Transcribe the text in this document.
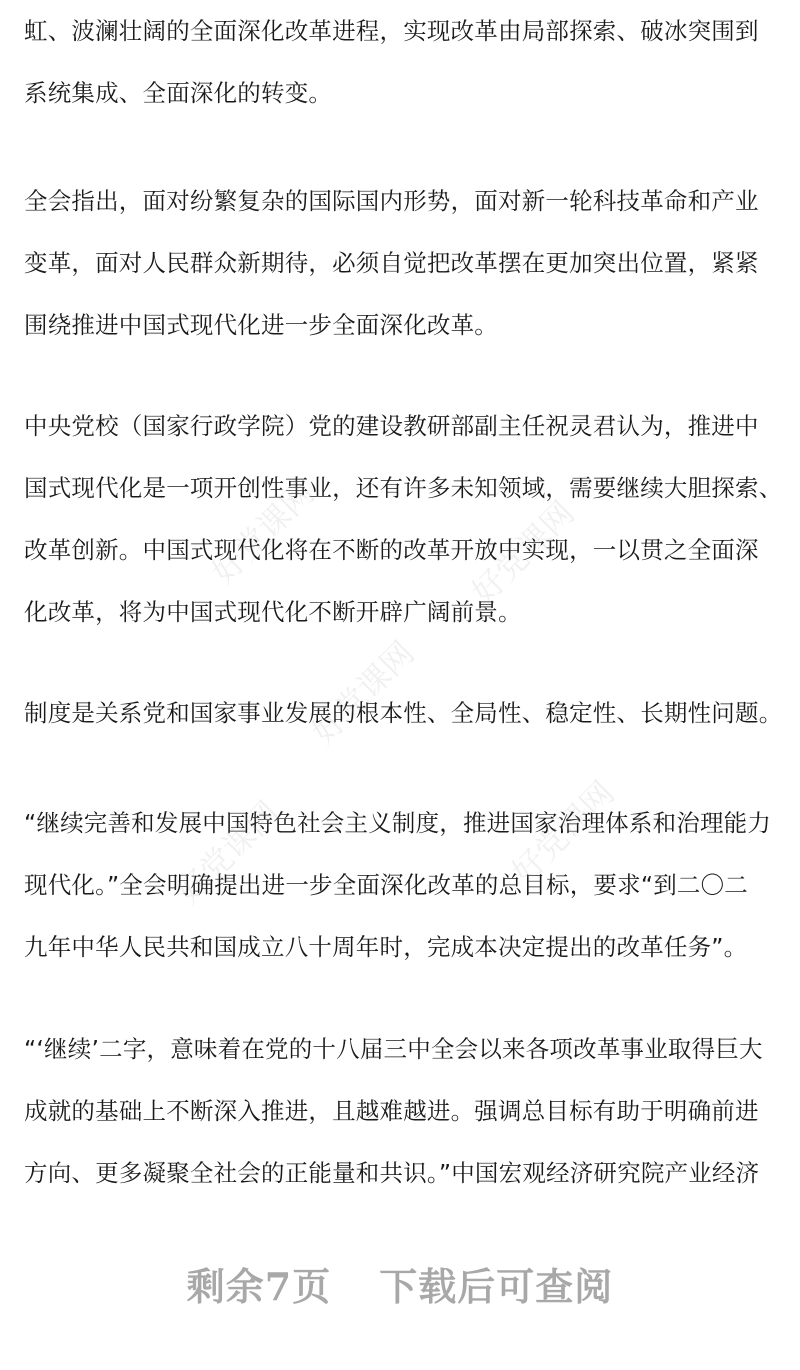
虹、波澜壮阔的全面深化改革进程，实现改革由局部探索、破冰突围到
系统集成、全面深化的转变。

全会指出，面对纷繁复杂的国际国内形势，面对新一轮科技革命和产业
变革，面对人民群众新期待，必须自觉把改革摆在更加突出位置，紧紧
围绕推进中国式现代化进一步全面深化改革。

中央党校（国家行政学院）党的建设教研部副主任祝灵君认为，推进中
国式现代化是一项开创性事业，还有许多未知领域，需要继续大胆探索、
改革创新。中国式现代化将在不断的改革开放中实现，一以贯之全面深
化改革，将为中国式现代化不断开辟广阔前景。

制度是关系党和国家事业发展的根本性、全局性、稳定性、长期性问题。

“继续完善和发展中国特色社会主义制度，推进国家治理体系和治理能力
现代化。”全会明确提出进一步全面深化改革的总目标，要求“到二〇二
九年中华人民共和国成立八十周年时，完成本决定提出的改革任务”。

“‘继续’二字，意味着在党的十八届三中全会以来各项改革事业取得巨大
成就的基础上不断深入推进，且越难越进。强调总目标有助于明确前进
方向、更多凝聚全社会的正能量和共识。”中国宏观经济研究院产业经济

好党课网	好党课网
好党课网
好党课网	好党课网
剩余7页 下载后可查阅
